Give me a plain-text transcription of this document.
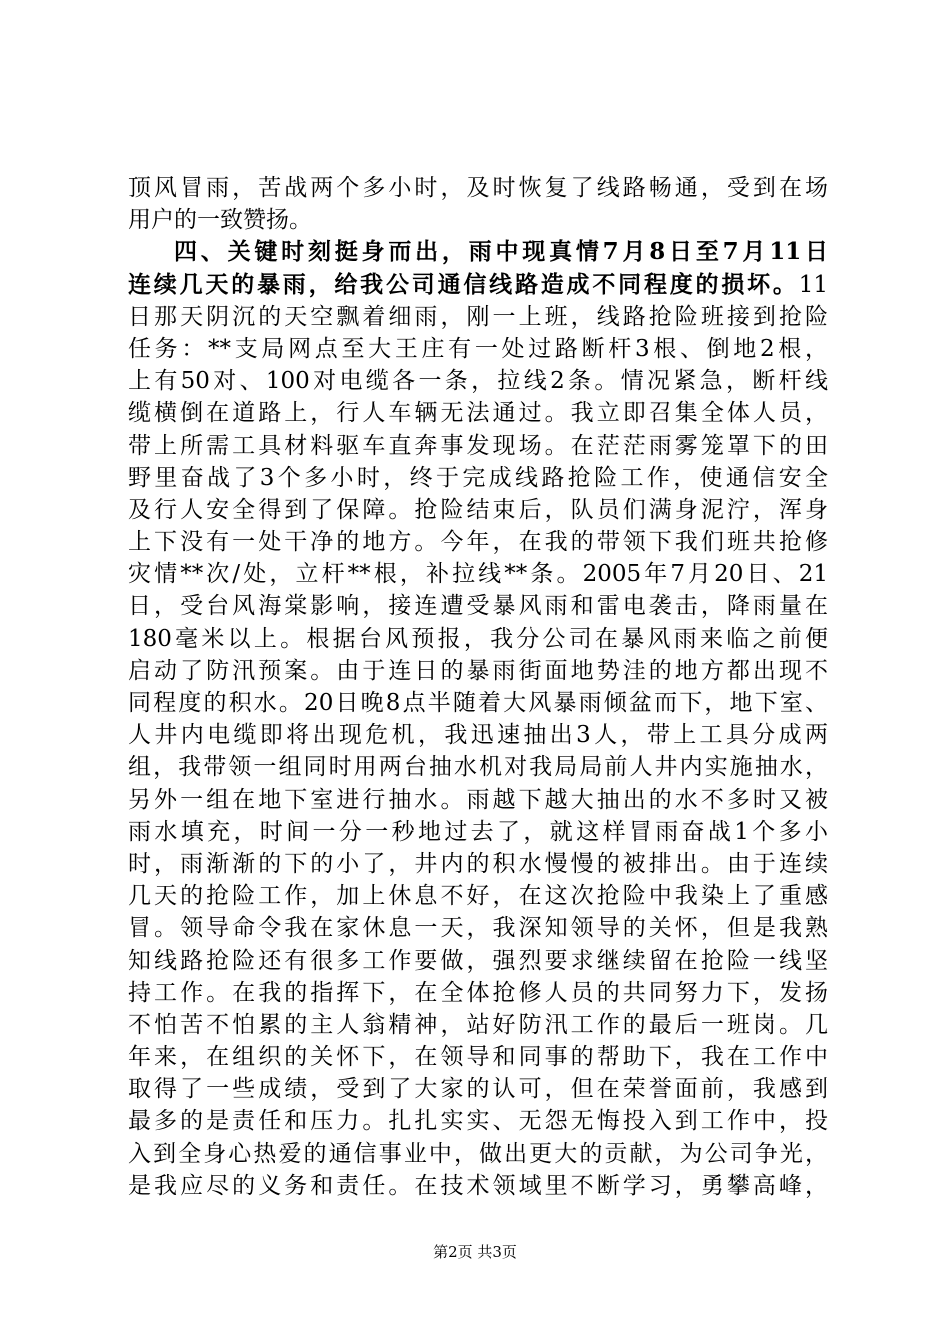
顶风冒雨，苦战两个多小时，及时恢复了线路畅通，受到在场
用户的一致赞扬。
四、关键时刻挺身而出，雨中现真情7月8日至7月11日
连续几天的暴雨，给我公司通信线路造成不同程度的损坏。11
日那天阴沉的天空飘着细雨，刚一上班，线路抢险班接到抢险
任务：**支局网点至大王庄有一处过路断杆3根、倒地2根，
上有50对、100对电缆各一条，拉线2条。情况紧急，断杆线
缆横倒在道路上，行人车辆无法通过。我立即召集全体人员，
带上所需工具材料驱车直奔事发现场。在茫茫雨雾笼罩下的田
野里奋战了3个多小时，终于完成线路抢险工作，使通信安全
及行人安全得到了保障。抢险结束后，队员们满身泥泞，浑身
上下没有一处干净的地方。今年，在我的带领下我们班共抢修
灾情**次/处，立杆**根，补拉线**条。2005年7月20日、21
日，受台风海棠影响，接连遭受暴风雨和雷电袭击，降雨量在
180毫米以上。根据台风预报，我分公司在暴风雨来临之前便
启动了防汛预案。由于连日的暴雨街面地势洼的地方都出现不
同程度的积水。20日晚8点半随着大风暴雨倾盆而下，地下室、
人井内电缆即将出现危机，我迅速抽出3人，带上工具分成两
组，我带领一组同时用两台抽水机对我局局前人井内实施抽水，
另外一组在地下室进行抽水。雨越下越大抽出的水不多时又被
雨水填充，时间一分一秒地过去了，就这样冒雨奋战1个多小
时，雨渐渐的下的小了，井内的积水慢慢的被排出。由于连续
几天的抢险工作，加上休息不好，在这次抢险中我染上了重感
冒。领导命令我在家休息一天，我深知领导的关怀，但是我熟
知线路抢险还有很多工作要做，强烈要求继续留在抢险一线坚
持工作。在我的指挥下，在全体抢修人员的共同努力下，发扬
不怕苦不怕累的主人翁精神，站好防汛工作的最后一班岗。几
年来，在组织的关怀下，在领导和同事的帮助下，我在工作中
取得了一些成绩，受到了大家的认可，但在荣誉面前，我感到
最多的是责任和压力。扎扎实实、无怨无悔投入到工作中，投
入到全身心热爱的通信事业中，做出更大的贡献，为公司争光，
是我应尽的义务和责任。在技术领域里不断学习，勇攀高峰，
第2页 共3页
